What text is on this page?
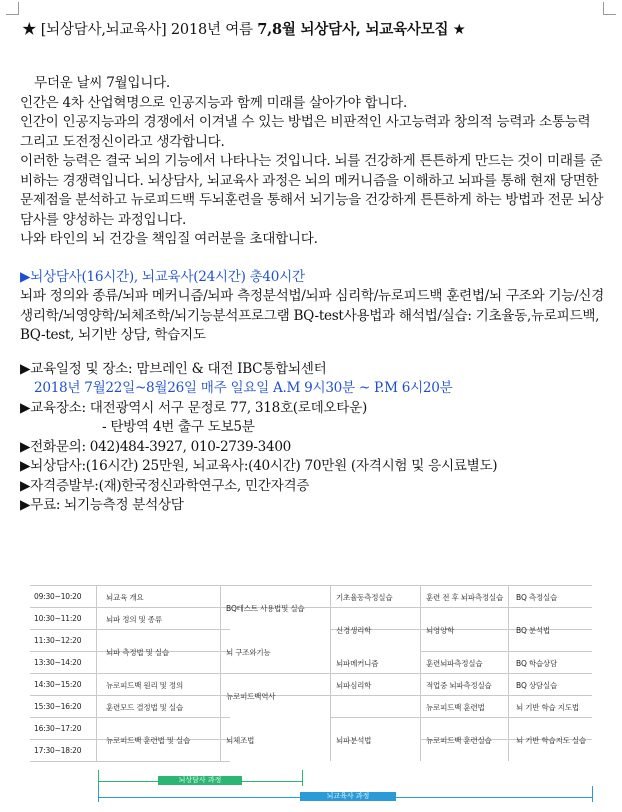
★ [뇌상담사,뇌교육사] 2018년 여름 7,8월 뇌상담사, 뇌교육사모집 ★

무더운 날씨 7월입니다.

인간은 4차 산업혁명으로 인공지능과 함께 미래를 살아가야 합니다.

인간이 인공지능과의 경쟁에서 이겨낼 수 있는 방법은 비판적인 사고능력과 창의적 능력과 소통능력 그리고 도전정신이라고 생각합니다.

이러한 능력은 결국 뇌의 기능에서 나타나는 것입니다. 뇌를 건강하게 튼튼하게 만드는 것이 미래를 준비하는 경쟁력입니다. 뇌상담사, 뇌교육사 과정은 뇌의 메커니즘을 이해하고 뇌파를 통해 현재 당면한 문제점을 분석하고 뉴로피드백 두뇌훈련을 통해서 뇌기능을 건강하게 튼튼하게 하는 방법과 전문 뇌상담사를 양성하는 과정입니다.

나와 타인의 뇌 건강을 책임질 여러분을 초대합니다.

▶뇌상담사(16시간), 뇌교육사(24시간) 총40시간

뇌파 정의와 종류/뇌파 메커니즘/뇌파 측정분석법/뇌파 심리학/뉴로피드백 훈련법/뇌 구조와 기능/신경생리학/뇌영양학/뇌체조학/뇌기능분석프로그램 BQ-test사용법과 해석법/실습: 기초율동,뉴로피드백, BQ-test, 뇌기반 상담, 학습지도

▶교육일정 및 장소: 맘브레인 & 대전 IBC통합뇌센터

2018년 7월22일~8월26일 매주 일요일 A.M 9시30분 ~ P.M 6시20분

▶교육장소: 대전광역시 서구 문정로 77, 318호(로데오타운)

- 탄방역 4번 출구 도보5분

▶전화문의: 042)484-3927, 010-2739-3400

▶뇌상담사:(16시간) 25만원, 뇌교육사:(40시간) 70만원 (자격시험 및 응시료별도)

▶자격증발부:(재)한국정신과학연구소, 민간자격증

▶무료: 뇌기능측정 분석상담

09:30~10:20
10:30~11:20
11:30~12:20
13:30~14:20
14:30~15:20
15:30~16:20
16:30~17:20
17:30~18:20
뇌교육 개요
뇌파 정의 및 종류
뇌파 측정법 및 실습
뉴로피드백 원리 및 정의
훈련모드 결정법 및 실습
뉴로피드백 훈련법 및 실습
BQ테스트 사용법및 실습
뇌 구조와기능
뉴로피드백역사
뇌체조법
기초율동측정실습
신경생리학
뇌파메커니즘
뇌파심리학
뇌파분석법
훈련 전 후 뇌파측정실습
뇌영양학
훈련뇌파측정실습
적업중 뇌파측정실습
뉴로피드백 훈련법
뉴로피드백 훈련실습
BQ 측정실습
BQ 분석법
BQ 학습상담
BQ 상담실습
뇌 기반 학습 지도법
뇌 기반 학습지도 실습
뇌상담사 과정
뇌교육사 과정
